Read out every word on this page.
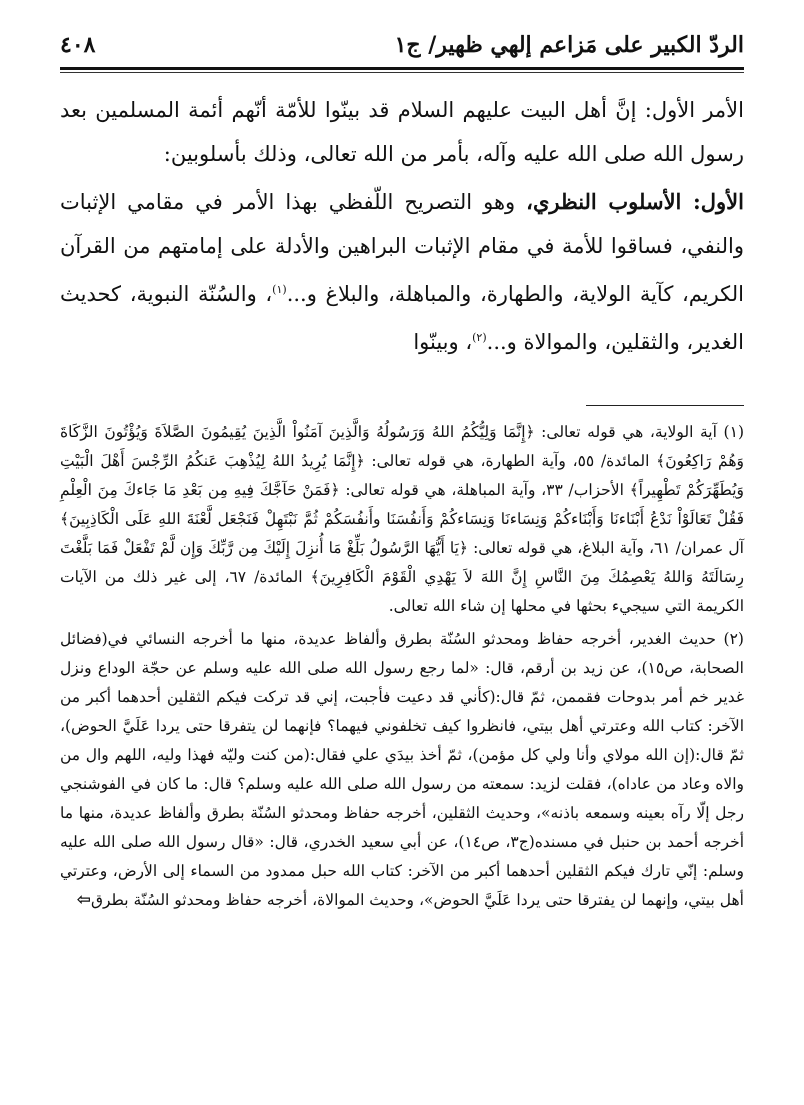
الردّ الكبير على مَزاعم إلهي ظهير/ ج١
٤٠٨

الأمر الأول: إنَّ أهل البيت عليهم السلام قد بينّوا للأمّة أنّهم أئمة المسلمين بعد رسول الله صلى الله عليه وآله، بأمر من الله تعالى، وذلك بأسلوبين:

الأول: الأسلوب النظري، وهو التصريح اللّفظي بهذا الأمر في مقامي الإثبات والنفي، فساقوا للأمة في مقام الإثبات البراهين والأدلة على إمامتهم من القرآن الكريم، كآية الولاية، والطهارة، والمباهلة، والبلاغ و...$^{(١)}$، والسُنّة النبوية، كحديث الغدير، والثقلين، والموالاة و...$^{(٢)}$، وبينّوا

(١) آية الولاية، هي قوله تعالى: ﴿إِنَّمَا وَلِيُّكُمُ اللهُ وَرَسُولُهُ وَالَّذِينَ آمَنُواْ الَّذِينَ يُقِيمُونَ الصَّلاَةَ وَيُؤْتُونَ الزَّكَاةَ وَهُمْ رَاكِعُونَ﴾ المائدة/ ٥٥، وآية الطهارة، هي قوله تعالى: ﴿إِنَّمَا يُرِيدُ اللهُ لِيُذْهِبَ عَنكُمُ الرِّجْسَ أَهْلَ الْبَيْتِ وَيُطَهِّرَكُمْ تَطْهِيراً﴾ الأحزاب/ ٣٣، وآية المباهلة، هي قوله تعالى: ﴿فَمَنْ حَآجَّكَ فِيهِ مِن بَعْدِ مَا جَاءكَ مِنَ الْعِلْمِ فَقُلْ تَعَالَوْاْ نَدْعُ أَبْنَاءنَا وَأَبْنَاءكُمْ وَنِسَاءنَا وَنِسَاءكُمْ وَأَنفُسَنَا وأَنفُسَكُمْ ثُمَّ نَبْتَهِلْ فَنَجْعَل لَّعْنَةَ اللهِ عَلَى الْكَاذِبِينَ﴾ آل عمران/ ٦١، وآية البلاغ، هي قوله تعالى: ﴿يَا أَيُّهَا الرَّسُولُ بَلِّغْ مَا أُنزِلَ إِلَيْكَ مِن رَّبِّكَ وَإِن لَّمْ تَفْعَلْ فَمَا بَلَّغْتَ رِسَالَتَهُ وَاللهُ يَعْصِمُكَ مِنَ النَّاسِ إِنَّ اللهَ لاَ يَهْدِي الْقَوْمَ الْكَافِرِينَ﴾ المائدة/ ٦٧، إلى غير ذلك من الآيات الكريمة التي سيجيء بحثها في محلها إن شاء الله تعالى.

(٢) حديث الغدير، أخرجه حفاظ ومحدثو السُنّة بطرق وألفاظ عديدة، منها ما أخرجه النسائي في(فضائل الصحابة، ص١٥)، عن زيد بن أرقم، قال: «لما رجع رسول الله صلى الله عليه وسلم عن حجّة الوداع ونزل غدير خم أمر بدوحات فقممن، ثمّ قال:(كأني قد دعيت فأجبت، إني قد تركت فيكم الثقلين أحدهما أكبر من الآخر: كتاب الله وعترتي أهل بيتي، فانظروا كيف تخلفوني فيهما؟ فإنهما لن يتفرقا حتى يردا عَلَيَّ الحوض)، ثمّ قال:(إن الله مولاي وأنا ولي كل مؤمن)، ثمّ أخذ بيدَي علي فقال:(من كنت وليّه فهذا وليه، اللهم وال من والاه وعاد من عاداه)، فقلت لزيد: سمعته من رسول الله صلى الله عليه وسلم؟ قال: ما كان في الفوشنجي رجل إلّا رآه بعينه وسمعه باذنه»، وحديث الثقلين، أخرجه حفاظ ومحدثو السُنّة بطرق وألفاظ عديدة، منها ما أخرجه أحمد بن حنبل في مسنده(ج٣، ص١٤)، عن أبي سعيد الخدري، قال: «قال رسول الله صلى الله عليه وسلم: إنّي تارك فيكم الثقلين أحدهما أكبر من الآخر: كتاب الله حبل ممدود من السماء إلى الأرض، وعترتي أهل بيتي، وإنهما لن يفترقا حتى يردا عَلَيَّ الحوض»، وحديث الموالاة، أخرجه حفاظ ومحدثو السُنّة بطرق⇦
